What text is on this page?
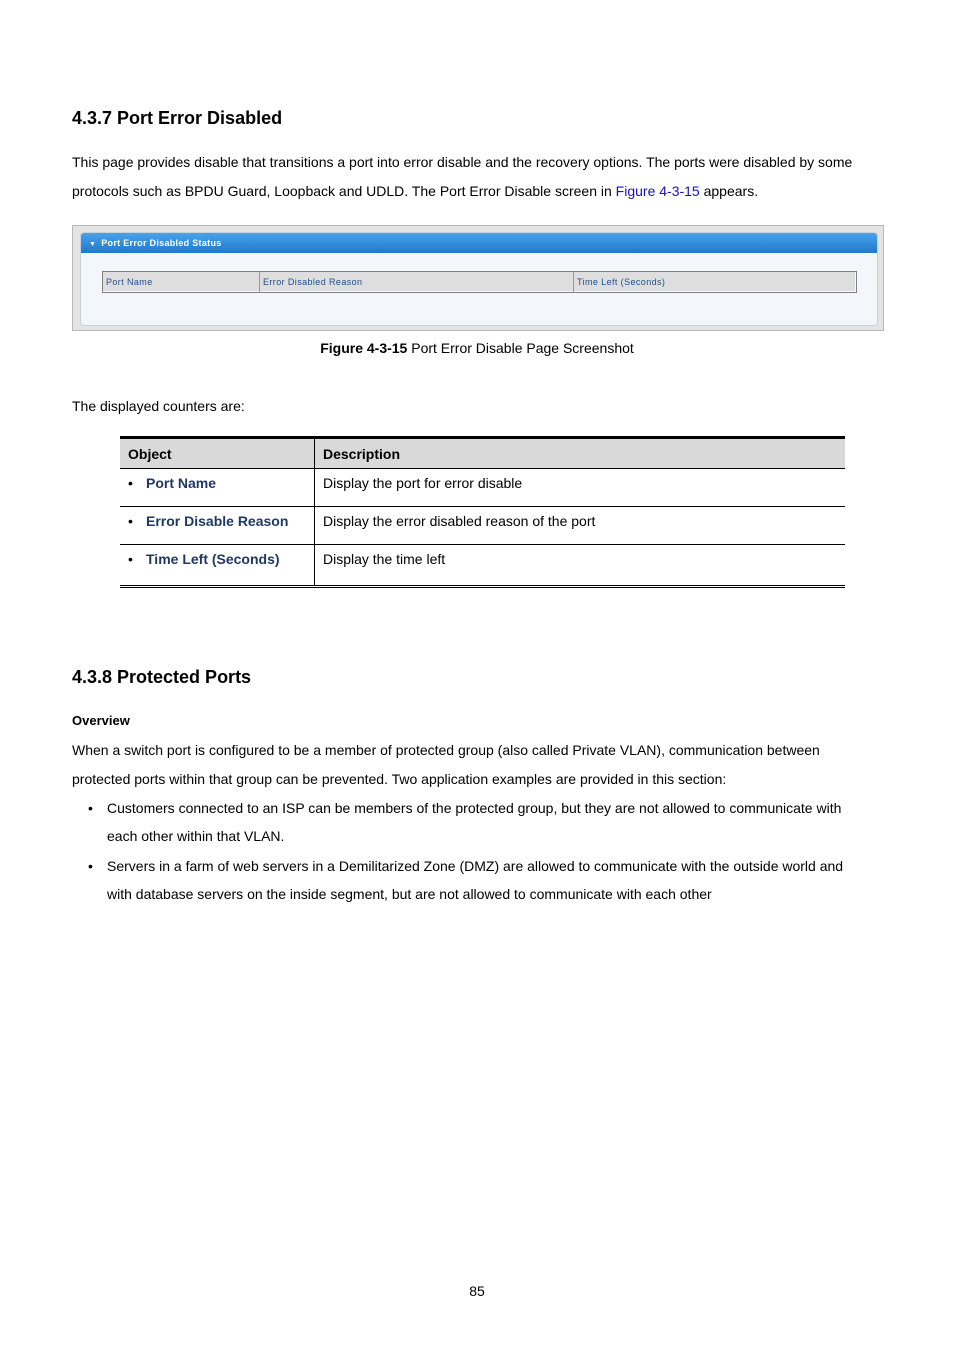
4.3.7 Port Error Disabled

This page provides disable that transitions a port into error disable and the recovery options. The ports were disabled by some
protocols such as BPDU Guard, Loopback and UDLD. The Port Error Disable screen in Figure 4-3-15 appears.

▼ Port Error Disabled Status
Port Name	Error Disabled Reason	Time Left (Seconds)
Figure 4-3-15 Port Error Disable Page Screenshot

The displayed counters are:

Object	Description
• Port Name	Display the port for error disable
• Error Disable Reason	Display the error disabled reason of the port
• Time Left (Seconds)	Display the time left
4.3.8 Protected Ports

Overview

When a switch port is configured to be a member of protected group (also called Private VLAN), communication between
protected ports within that group can be prevented. Two application examples are provided in this section:

• Customers connected to an ISP can be members of the protected group, but they are not allowed to communicate with
each other within that VLAN.
• Servers in a farm of web servers in a Demilitarized Zone (DMZ) are allowed to communicate with the outside world and
with database servers on the inside segment, but are not allowed to communicate with each other
85
